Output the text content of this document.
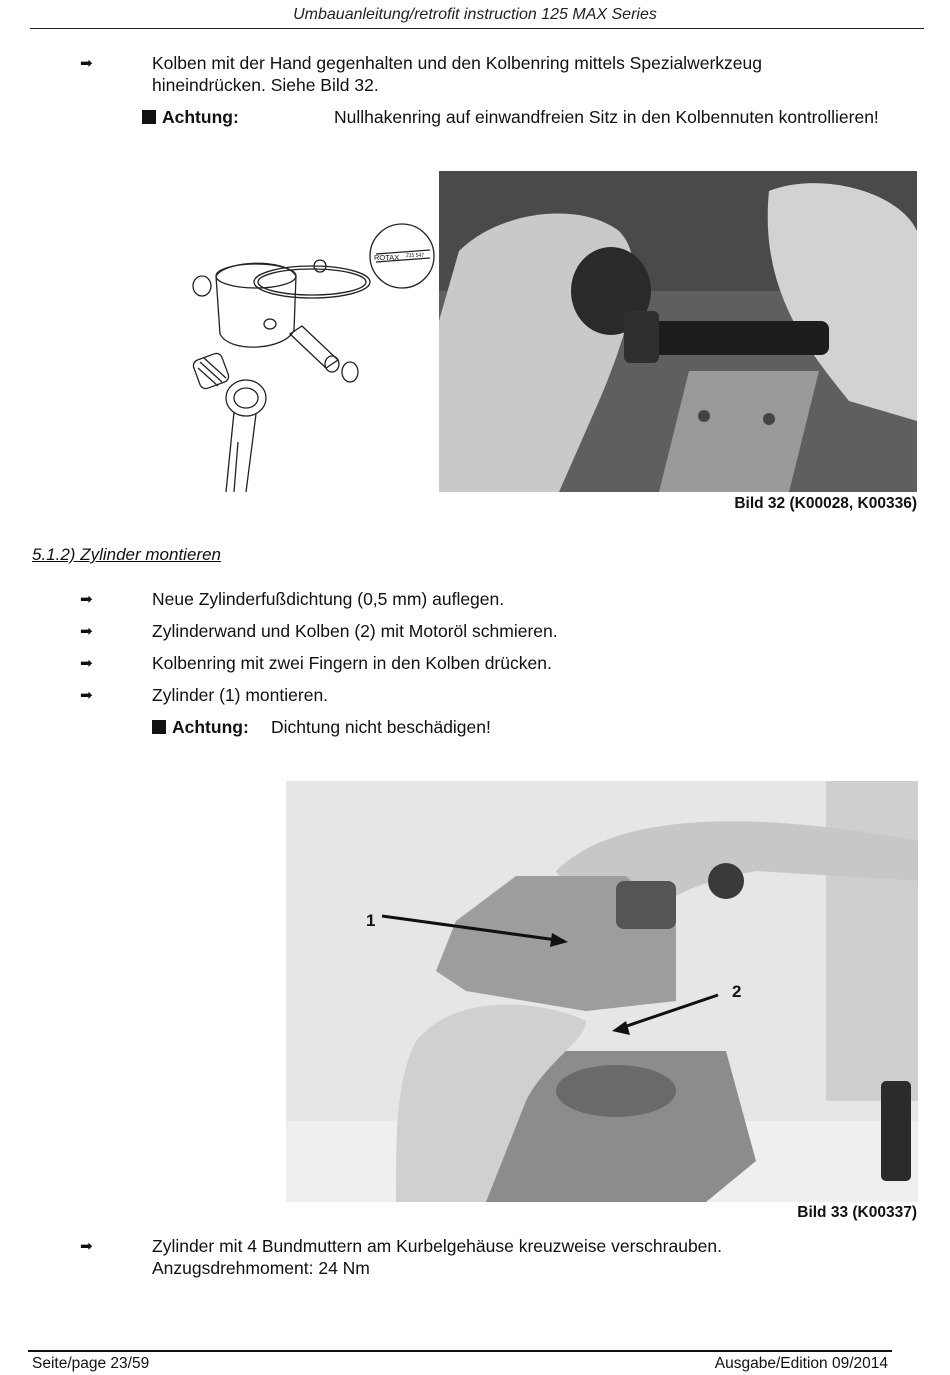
Umbauanleitung/retrofit instruction 125 MAX Series
➡	Kolben mit der Hand gegenhalten und den Kolbenring mittels Spezialwerkzeug
hineindrücken. Siehe Bild 32.
Achtung:	Nullhakenring auf einwandfreien Sitz in den Kolbennuten kontrollieren!
ROTAX 215 547
Bild 32 (K00028, K00336)
5.1.2) Zylinder montieren
➡	Neue Zylinderfußdichtung (0,5 mm) auflegen.
➡	Zylinderwand und Kolben (2) mit Motoröl schmieren.
➡	Kolbenring mit zwei Fingern in den Kolben drücken.
➡	Zylinder (1) montieren.
Achtung: Dichtung nicht beschädigen!
1
2
Bild 33 (K00337)
➡	Zylinder mit 4 Bundmuttern am Kurbelgehäuse kreuzweise verschrauben.
Anzugsdrehmoment: 24 Nm
Seite/page 23/59	Ausgabe/Edition 09/2014
